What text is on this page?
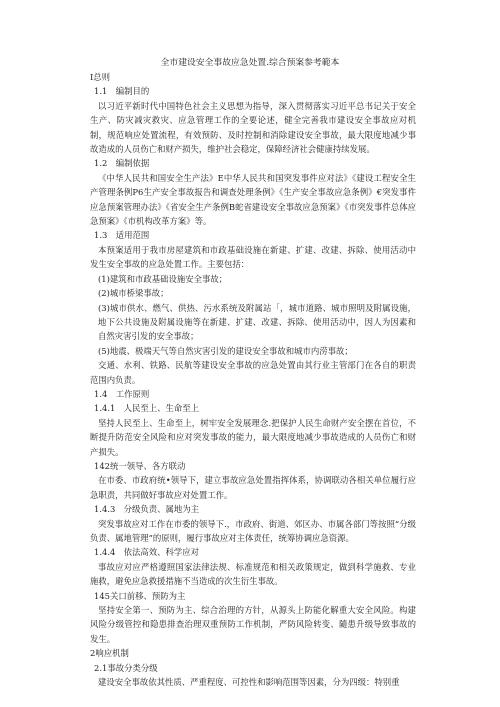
全市建设安全事故应急处置.综合预案参考範本
I总则
1.1　编制目的
以习近平新时代中国特色社会主义思想为指导，深入贯彻落实习近平总书记关于安全生产、防灾减灾救灾、应急管理工作的全要论述，健全完善我市建设安全事故应对机制，规范响应处置流程，有效预防、及时控制和消除建设安全事故，最大限度地减少事故造成的人员伤亡和财产损失，维护社会稳定，保障经济社会健康持续发展。
1.2　编制依据
《中华人民共和国安全生产法》E中华人民共和国突发事件应对法》《建设工程安全生产管理条例P6生产安全事故报告和调查处理条例》《生产安全事故应急条例》€突发事件应急预案管理办法》《省安全生产条例B蛇省建设安全事故应急预案》《市突发事件总体应急预案》《市机构改革方案》等。
1.3　适用范围
本预案适用于我市房屋建筑和市政基础设施在新建、扩建、改建、拆除、使用活动中发生安全事故的应急处置工作。主要包括：
(1)建筑和市政基础设施安全事故；
(2)城市桥梁事故；
(3)城市供水、燃气、供热、污水系统及附属站「，城市道路、城市照明及附属设施，地下公共设施及附属设施等在新建、扩建、改建、拆除、使用活动中，因人为因素和自然灾害引发的安全事故；
(5)地震、极端天气等自然灾害引发的建设安全事故和城市内涝事故；
交通、水利、铁路、民航等建设安全事故的应急处置由其行业主管部门在各自的职责范围内负责。
1.4　工作原则
1.4.1　人民至上、生命至上
坚持人民至上、生命至上，树牢安全发展理念.把保护人民生命财产安全摆在首位，不断提升防范安全风险和应对突发事故的能力，最大限度地减少事故造成的人员伤亡和财产损失。
142统一领导、各方联动
在市委、市政府统•领导下，建立事故应急处置指挥体系，协调联动各相关单位履行应急职责，共同做好事故应对处置工作。
1.4.3　分级负责、属地为主
突发事故应对工作在市委的领导下.，市政府、街道、郊区办、市属各部门等按照“分级负责、属地管理”的原则，履行事故应对主体责任，统筹协调应急资源。
1.4.4　依法高效、科学应对
事故应对应严格遵照国家法律法规、标准规范和相关政策规定，做到科学施救、专业施救，避免应急救援措施不当造成的次生衍生事故。
145关口前移、预防为主
坚持安全第一、预防为主、综合治理的方针，从源头上防能化解重大安全风险。构建风险分级管控和隐患排查治理双重预防工作机制，严防风险转变、隨患升级导致事故的发生。
2响应机制
2.1事故分类分级
建设安全事故依其性质、严重程度、可控性和影响范围等因素，分为四级：特别重
